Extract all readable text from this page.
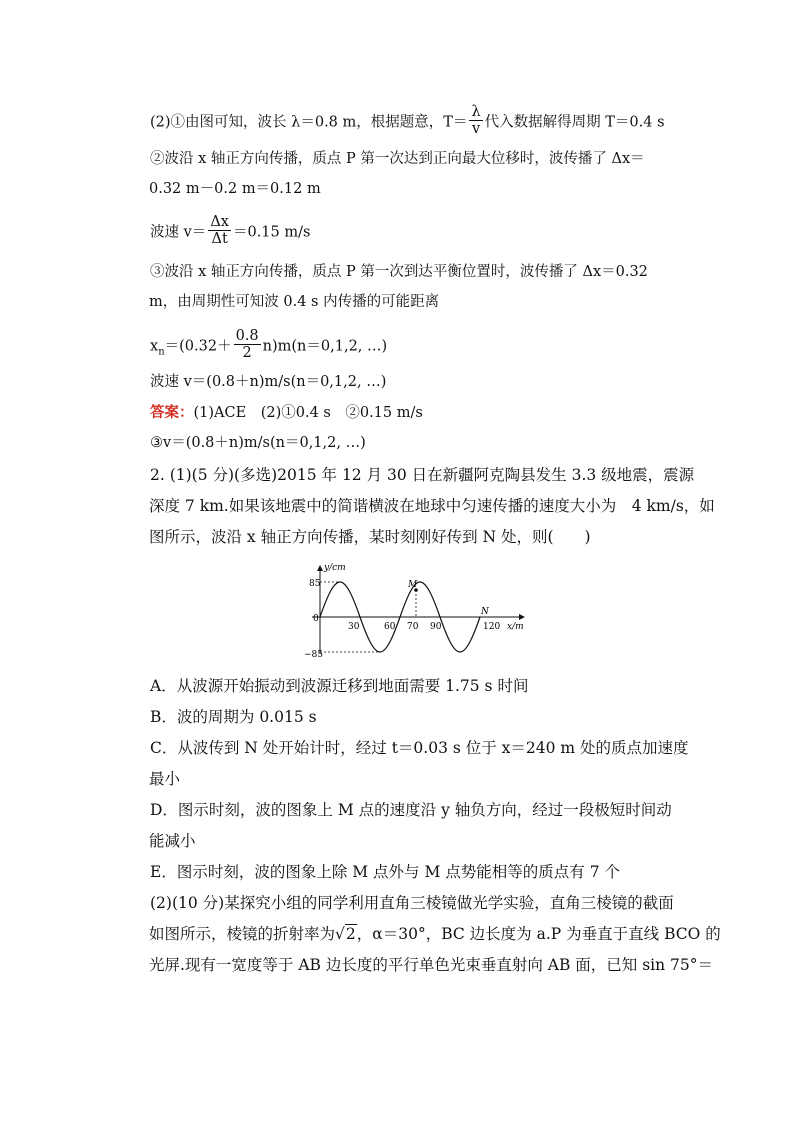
(2)①由图可知，波长 λ＝0.8 m，根据题意，$T= \frac{\lambda}{v}$ 代入数据解得周期 T＝0.4 s
②波沿 x 轴正方向传播，质点 P 第一次达到正向最大位移时，波传播了 Δx＝
0.32 m－0.2 m＝0.12 m
波速 $v= \frac{\Delta x}{\Delta t} =0.15$ m/s
③波沿 x 轴正方向传播，质点 P 第一次到达平衡位置时，波传播了 Δx＝0.32
m，由周期性可知波 0.4 s 内传播的可能距离
$x_n=(0.32+ \frac{0.8}{2} n)m(n=0,1,2$, …)
波速 v＝(0.8＋n)m/s(n＝0,1,2, …)
答案：(1)ACE　(2)①0.4 s　②0.15 m/s
③v＝(0.8＋n)m/s(n＝0,1,2, …)
2. (1)(5 分)(多选)2015 年 12 月 30 日在新疆阿克陶县发生 3.3 级地震，震源
深度 7 km.如果该地震中的简谐横波在地球中匀速传播的速度大小为　4 km/s，如
图所示，波沿 x 轴正方向传播，某时刻刚好传到 N 处，则(　　)
y/cm
x/m
85
−85
0
30	60 70 90	120
M
N
A．从波源开始振动到波源迁移到地面需要 1.75 s 时间
B．波的周期为 0.015 s
C．从波传到 N 处开始计时，经过 t＝0.03 s 位于 x＝240 m 处的质点加速度
最小
D．图示时刻，波的图象上 M 点的速度沿 y 轴负方向，经过一段极短时间动
能减小
E．图示时刻，波的图象上除 M 点外与 M 点势能相等的质点有 7 个
(2)(10 分)某探究小组的同学利用直角三棱镜做光学实验，直角三棱镜的截面
如图所示，棱镜的折射率为√2，α＝30°，BC 边长度为 a.P 为垂直于直线 BCO 的
光屏.现有一宽度等于 AB 边长度的平行单色光束垂直射向 AB 面，已知 sin 75°＝
